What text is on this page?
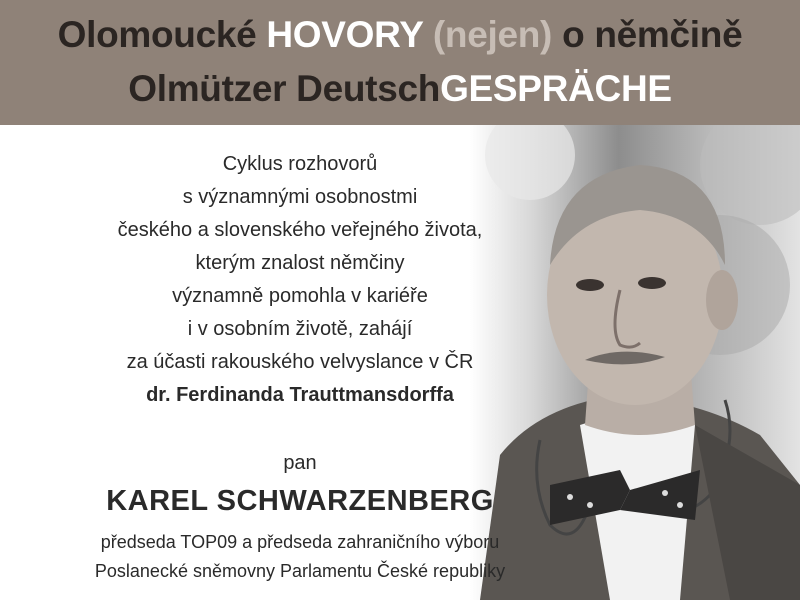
Olomoucké HOVORY (nejen) o němčině
Olmützer DeutschGESPRÄCHE
Cyklus rozhovorů
s významnými osobnostmi
českého a slovenského veřejného života,
kterým znalost němčiny
významně pomohla v kariéře
i v osobním životě, zahájí
za účasti rakouského velvyslance v ČR
dr. Ferdinanda Trauttmansdorffa
pan
KAREL SCHWARZENBERG
předseda TOP09 a předseda zahraničního výboru
Poslanecké sněmovny Parlamentu České republiky
